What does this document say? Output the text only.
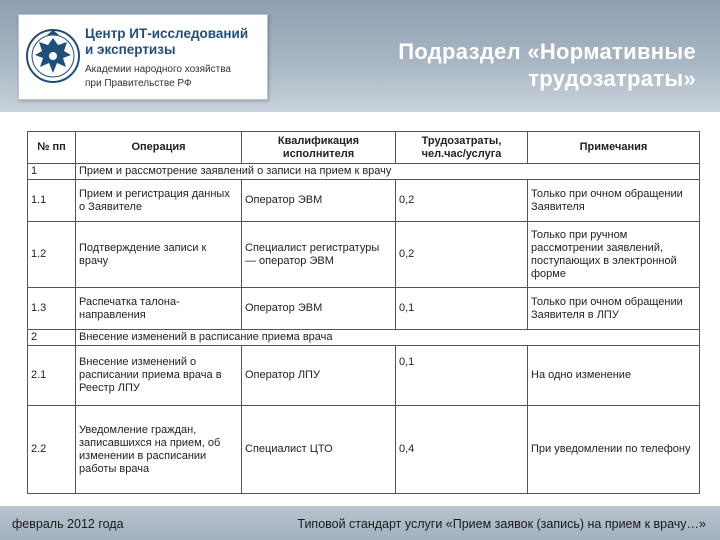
Центр ИТ-исследований
и экспертизы
Академии народного хозяйства
при Правительстве РФ
Подраздел «Нормативные трудозатраты»
№ пп	Операция	Квалификация исполнителя	Трудозатраты, чел.час/услуга	Примечания
1	Прием и рассмотрение заявлений о записи на прием к врачу			
1.1	Прием и регистрация данных о Заявителе	Оператор ЭВМ	0,2	Только при очном обращении Заявителя
1.2	Подтверждение записи к врачу	Специалист регистратуры — оператор ЭВМ	0,2	Только при ручном рассмотрении заявлений, поступающих в электронной форме
1.3	Распечатка талона-направления	Оператор ЭВМ	0,1	Только при очном обращении Заявителя в ЛПУ
2	Внесение изменений в расписание приема врача			
2.1	Внесение изменений о расписании приема врача в Реестр ЛПУ	Оператор ЛПУ	0,1	На одно изменение
2.2	Уведомление граждан, записавшихся на прием, об изменении в расписании работы врача	Специалист ЦТО	0,4	При уведомлении по телефону
февраль 2012 года	Типовой стандарт услуги «Прием заявок (запись) на прием к врачу…»
